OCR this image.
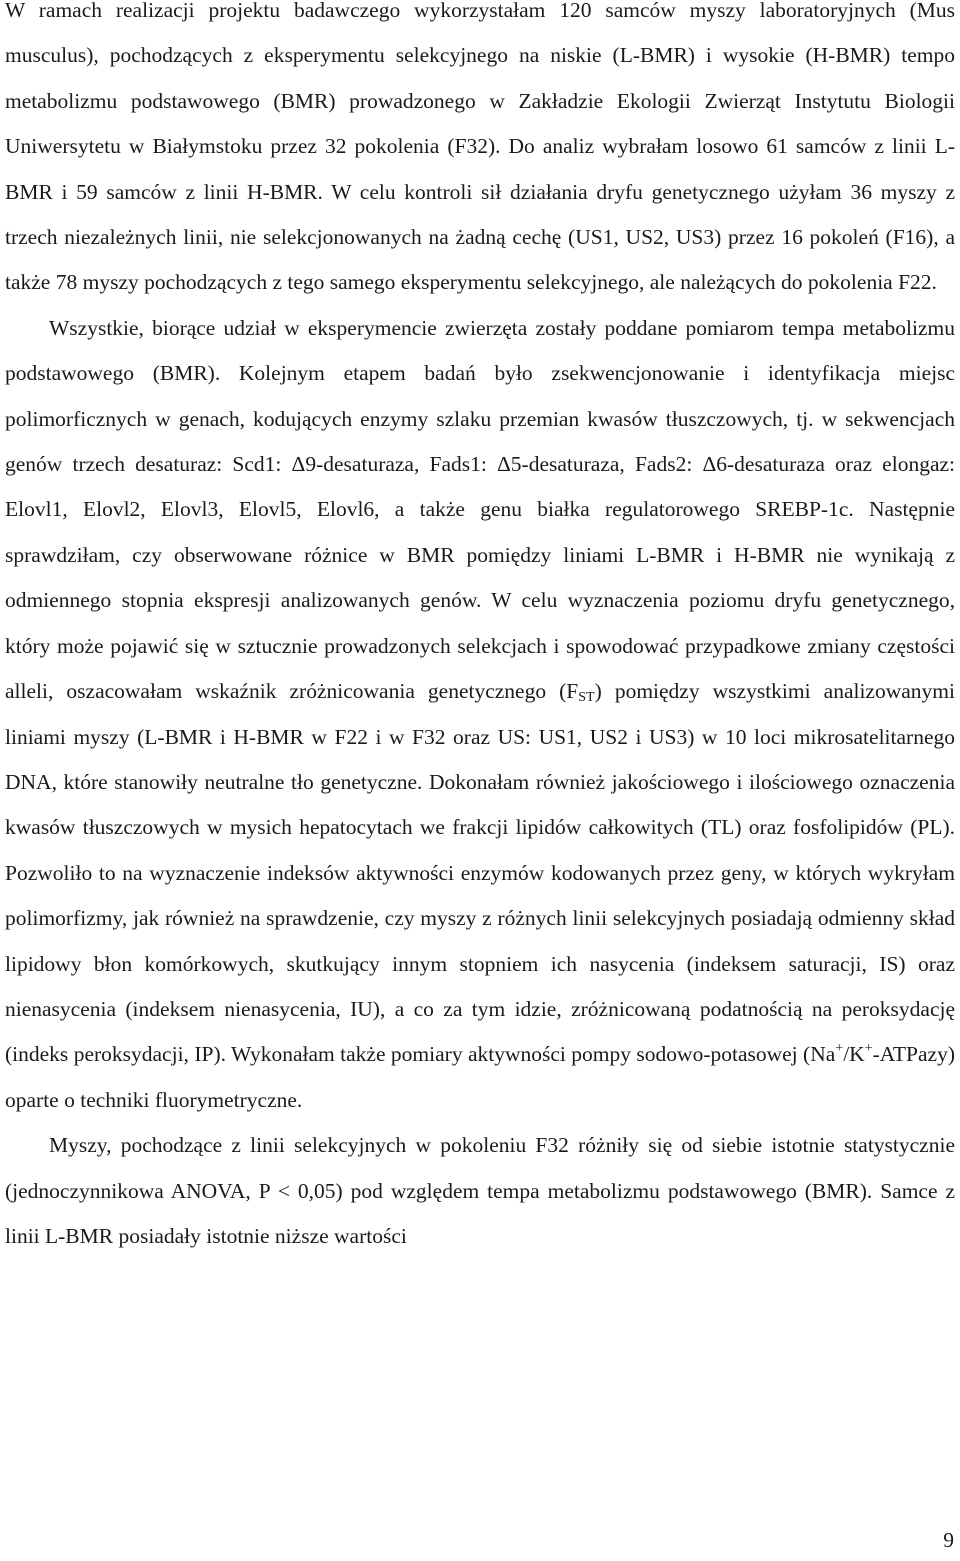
W ramach realizacji projektu badawczego wykorzystałam 120 samców myszy laboratoryjnych (Mus musculus), pochodzących z eksperymentu selekcyjnego na niskie (L-BMR) i wysokie (H-BMR) tempo metabolizmu podstawowego (BMR) prowadzonego w Zakładzie Ekologii Zwierząt Instytutu Biologii Uniwersytetu w Białymstoku przez 32 pokolenia (F32). Do analiz wybrałam losowo 61 samców z linii L-BMR i 59 samców z linii H-BMR. W celu kontroli sił działania dryfu genetycznego użyłam 36 myszy z trzech niezależnych linii, nie selekcjonowanych na żadną cechę (US1, US2, US3) przez 16 pokoleń (F16), a także 78 myszy pochodzących z tego samego eksperymentu selekcyjnego, ale należących do pokolenia F22.

Wszystkie, biorące udział w eksperymencie zwierzęta zostały poddane pomiarom tempa metabolizmu podstawowego (BMR). Kolejnym etapem badań było zsekwencjonowanie i identyfikacja miejsc polimorficznych w genach, kodujących enzymy szlaku przemian kwasów tłuszczowych, tj. w sekwencjach genów trzech desaturaz: Scd1: Δ9-desaturaza, Fads1: Δ5-desaturaza, Fads2: Δ6-desaturaza oraz elongaz: Elovl1, Elovl2, Elovl3, Elovl5, Elovl6, a także genu białka regulatorowego SREBP-1c. Następnie sprawdziłam, czy obserwowane różnice w BMR pomiędzy liniami L-BMR i H-BMR nie wynikają z odmiennego stopnia ekspresji analizowanych genów. W celu wyznaczenia poziomu dryfu genetycznego, który może pojawić się w sztucznie prowadzonych selekcjach i spowodować przypadkowe zmiany częstości alleli, oszacowałam wskaźnik zróżnicowania genetycznego $(F_{ST})$ pomiędzy wszystkimi analizowanymi liniami myszy (L-BMR i H-BMR w F22 i w F32 oraz US: US1, US2 i US3) w 10 loci mikrosatelitarnego DNA, które stanowiły neutralne tło genetyczne. Dokonałam również jakościowego i ilościowego oznaczenia kwasów tłuszczowych w mysich hepatocytach we frakcji lipidów całkowitych (TL) oraz fosfolipidów (PL). Pozwoliło to na wyznaczenie indeksów aktywności enzymów kodowanych przez geny, w których wykryłam polimorfizmy, jak również na sprawdzenie, czy myszy z różnych linii selekcyjnych posiadają odmienny skład lipidowy błon komórkowych, skutkujący innym stopniem ich nasycenia (indeksem saturacji, IS) oraz nienasycenia (indeksem nienasycenia, IU), a co za tym idzie, zróżnicowaną podatnością na peroksydację (indeks peroksydacji, IP). Wykonałam także pomiary aktywności pompy sodowo-potasowej (Na+/K+-ATPazy) oparte o techniki fluorymetryczne.

Myszy, pochodzące z linii selekcyjnych w pokoleniu F32 różniły się od siebie istotnie statystycznie (jednoczynnikowa ANOVA, P < 0,05) pod względem tempa metabolizmu podstawowego (BMR). Samce z linii L-BMR posiadały istotnie niższe wartości

9
